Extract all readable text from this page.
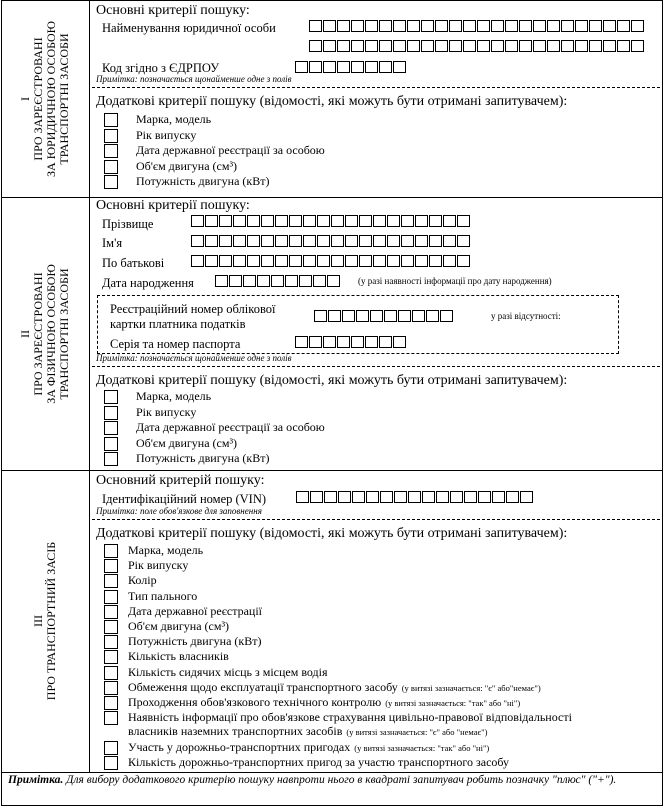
І ПРО ЗАРЕЄСТРОВАНІ ЗА ЮРИДИЧНОЮ ОСОБОЮ ТРАНСПОРТНІ ЗАСОБИ
Основні критерії пошуку:
Найменування юридичної особи
Код згідно з ЄДРПОУ
Примітка: позначається щонайменше одне з полів
Додаткові критерії пошуку (відомості, які можуть бути отримані запитувачем):
Марка, модель
Рік випуску
Дата державної реєстрації за особою
Об'єм двигуна (см³)
Потужність двигуна (кВт)
ІІ ПРО ЗАРЕЄСТРОВАНІ ЗА ФІЗИЧНОЮ ОСОБОЮ ТРАНСПОРТНІ ЗАСОБИ
Основні критерії пошуку:
Прізвище
Ім'я
По батькові
Дата народження	(у разі наявності інформації про дату народження)
Реєстраційний номер облікової
картки платника податків
у разі відсутності:
Серія та номер паспорта
Примітка: позначається щонайменше одне з полів
Додаткові критерії пошуку (відомості, які можуть бути отримані запитувачем):
Марка, модель
Рік випуску
Дата державної реєстрації за особою
Об'єм двигуна (см³)
Потужність двигуна (кВт)
ІІІ ПРО ТРАНСПОРТНИЙ ЗАСІБ
Основний критерій пошуку:
Ідентифікаційний номер (VIN)
Примітка: поле обов'язкове для заповнення
Додаткові критерії пошуку (відомості, які можуть бути отримані запитувачем):
Марка, модель
Рік випуску
Колір
Тип пального
Дата державної реєстрації
Об'єм двигуна (см³)
Потужність двигуна (кВт)
Кількість власників
Кількість сидячих місць з місцем водія
Обмеження щодо експлуатації транспортного засобу (у витязі зазначається: "є" або"немає")
Проходження обов'язкового технічного контролю (у витязі зазначається: "так" або "ні")
Наявність інформації про обов'язкове страхування цивільно-правової відповідальності
власників наземних транспортних засобів (у витязі зазначається: "є" або "немає")
Участь у дорожньо-транспортних пригодах (у витязі зазначається: "так" або "ні")
Кількість дорожньо-транспортних пригод за участю транспортного засобу
Примітка. Для вибору додаткового критерію пошуку навпроти нього в квадраті запитувач робить позначку "плюс" ("+").
